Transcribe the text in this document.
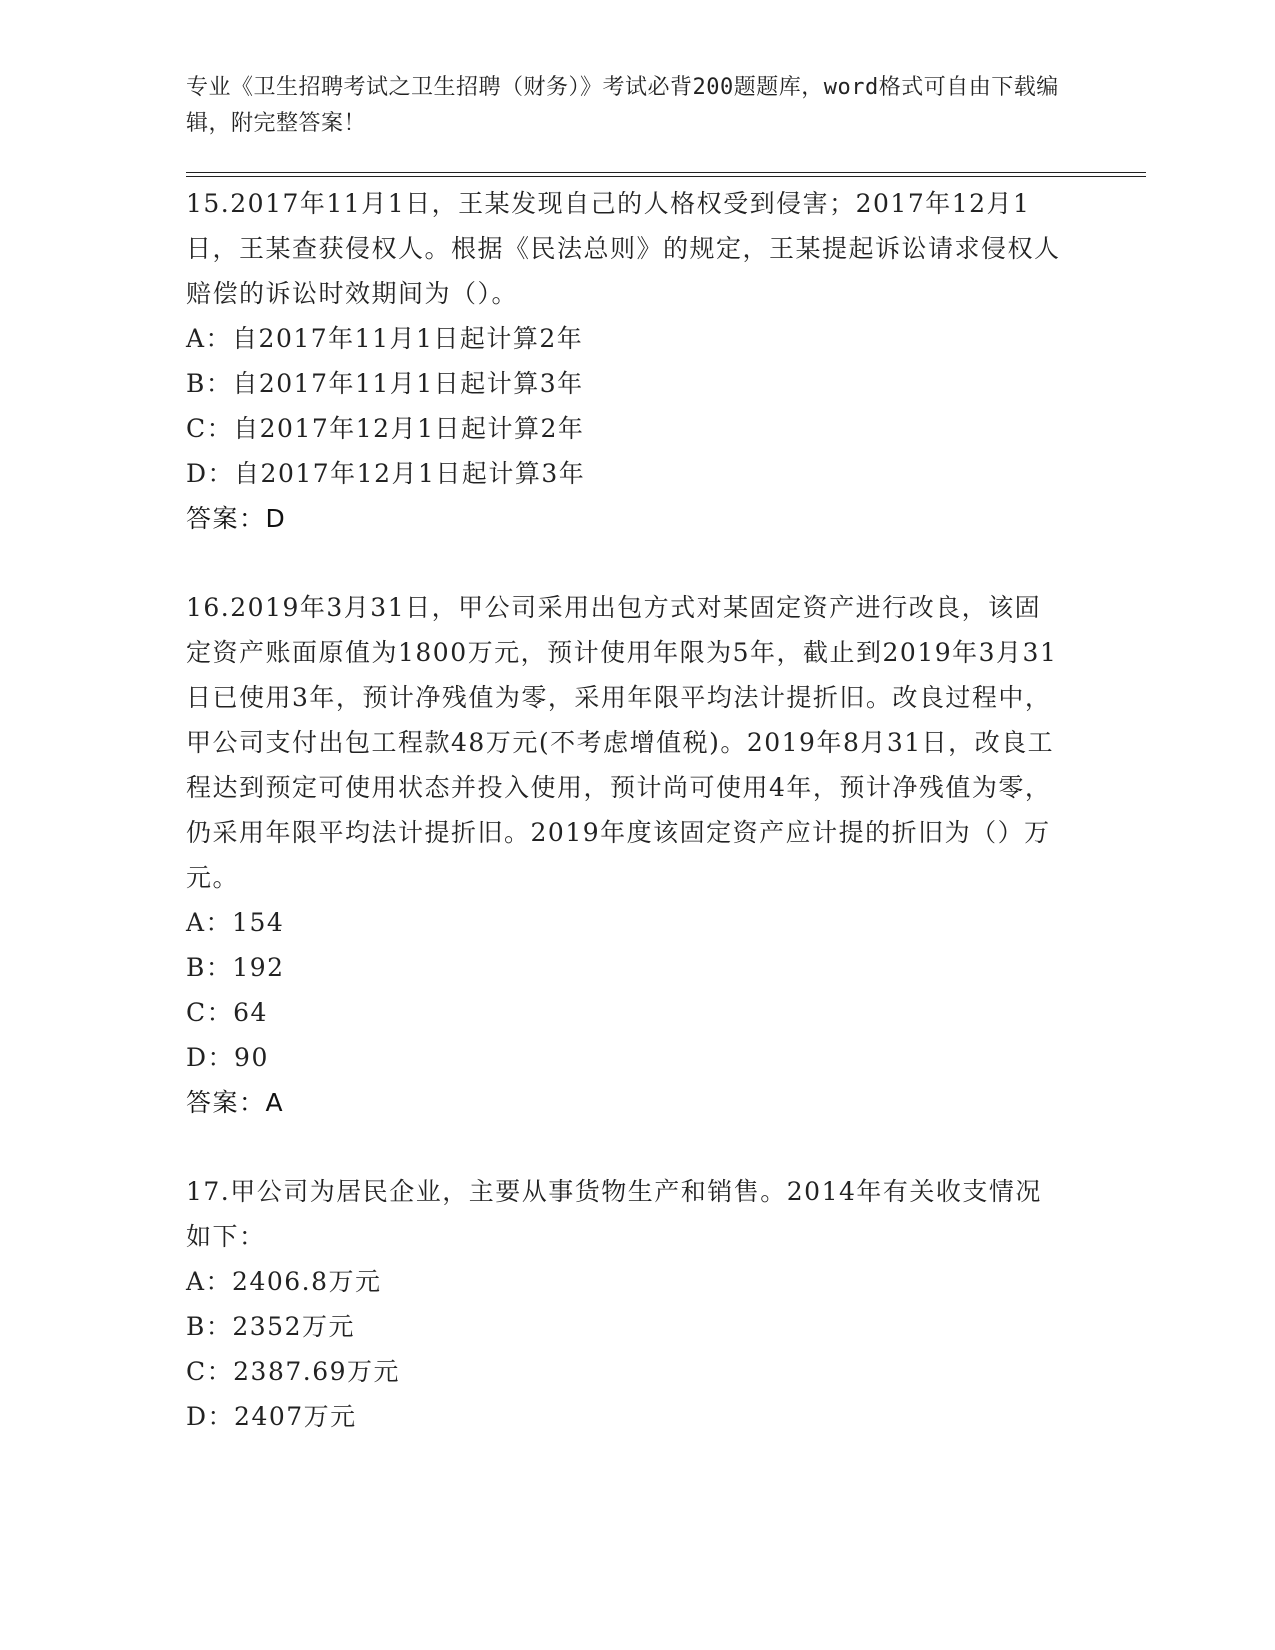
专业《卫生招聘考试之卫生招聘（财务）》考试必背200题题库，word格式可自由下载编辑，附完整答案！

15.2017年11月1日，王某发现自己的人格权受到侵害；2017年12月1日，王某查获侵权人。根据《民法总则》的规定，王某提起诉讼请求侵权人赔偿的诉讼时效期间为（）。

A：自2017年11月1日起计算2年

B：自2017年11月1日起计算3年

C：自2017年12月1日起计算2年

D：自2017年12月1日起计算3年

答案：D

16.2019年3月31日，甲公司采用出包方式对某固定资产进行改良，该固定资产账面原值为1800万元，预计使用年限为5年，截止到2019年3月31日已使用3年，预计净残值为零，采用年限平均法计提折旧。改良过程中，甲公司支付出包工程款48万元(不考虑增值税)。2019年8月31日，改良工程达到预定可使用状态并投入使用，预计尚可使用4年，预计净残值为零，仍采用年限平均法计提折旧。2019年度该固定资产应计提的折旧为（）万元。

A：154

B：192

C：64

D：90

答案：A

17.甲公司为居民企业，主要从事货物生产和销售。2014年有关收支情况如下：

A：2406.8万元

B：2352万元

C：2387.69万元

D：2407万元
